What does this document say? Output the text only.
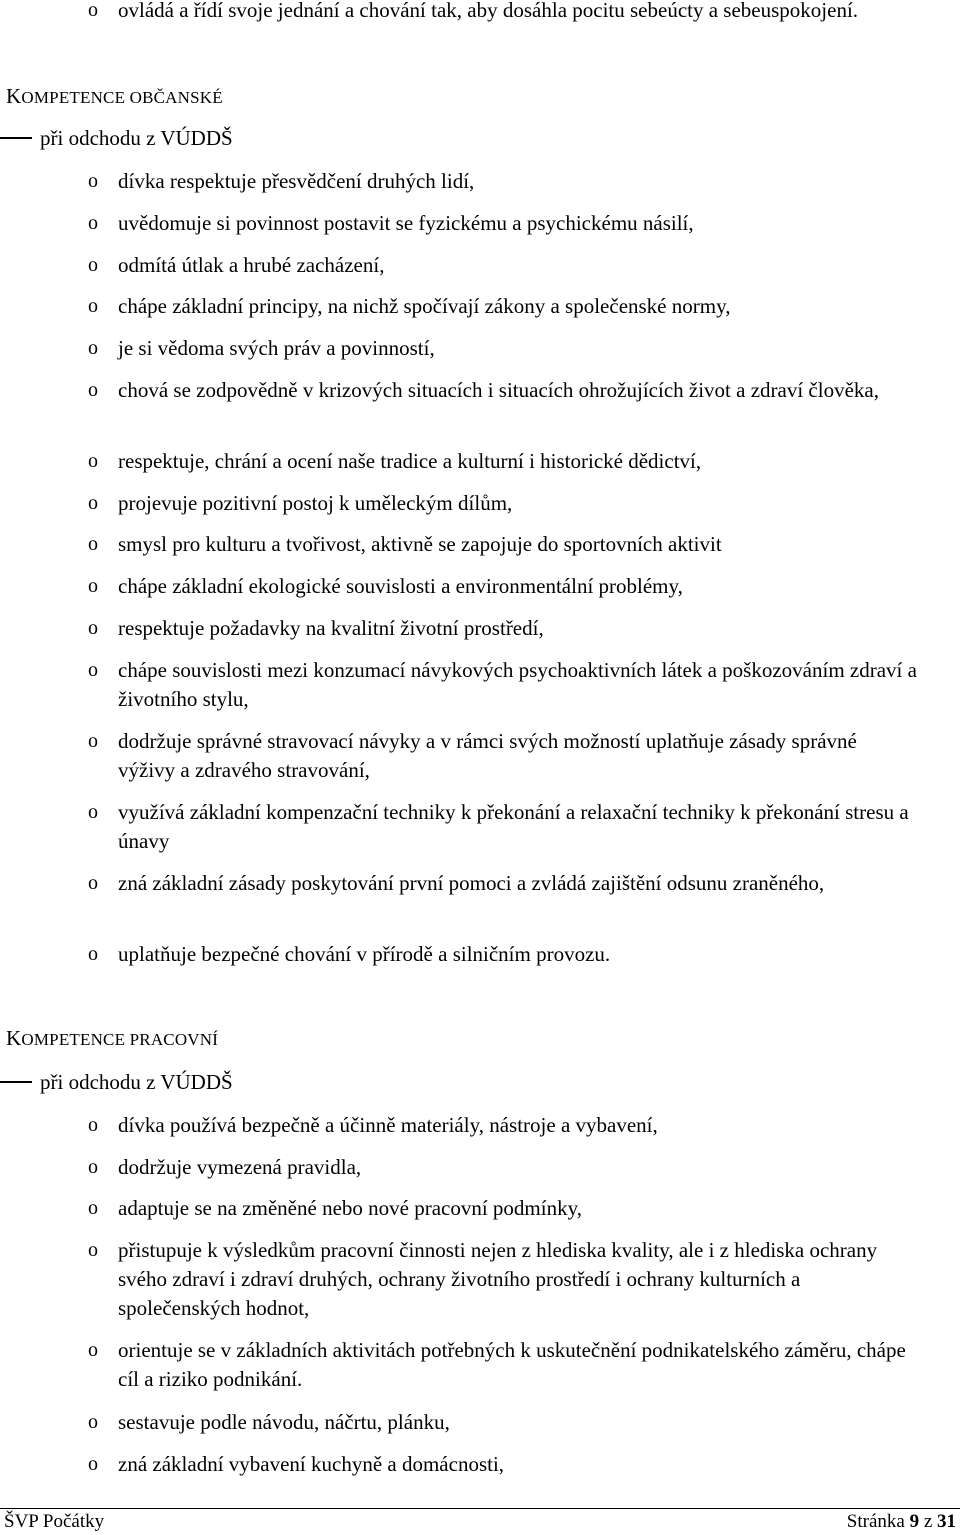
o ovládá a řídí svoje jednání a chování tak, aby dosáhla pocitu sebeúcty a sebeuspokojení.
KOMPETENCE OBČANSKÉ
při odchodu z VÚDDŠ
o dívka respektuje přesvědčení druhých lidí,
o uvědomuje si povinnost postavit se fyzickému a psychickému násilí,
o odmítá útlak a hrubé zacházení,
o chápe základní principy, na nichž spočívají zákony a společenské normy,
o je si vědoma svých práv a povinností,
o chová se zodpovědně v krizových situacích i situacích ohrožujících život a zdraví člověka,
o respektuje, chrání a ocení naše tradice a kulturní i historické dědictví,
o projevuje pozitivní postoj k uměleckým dílům,
o smysl pro kulturu a tvořivost, aktivně se zapojuje do sportovních aktivit
o chápe základní ekologické souvislosti a environmentální problémy,
o respektuje požadavky na kvalitní životní prostředí,
o chápe souvislosti mezi konzumací návykových psychoaktivních látek a poškozováním zdraví a životního stylu,
o dodržuje správné stravovací návyky a v rámci svých možností uplatňuje zásady správné výživy a zdravého stravování,
o využívá základní kompenzační techniky k překonání a relaxační techniky k překonání stresu a únavy
o zná základní zásady poskytování první pomoci a zvládá zajištění odsunu zraněného,
o uplatňuje bezpečné chování v přírodě a silničním provozu.
KOMPETENCE PRACOVNÍ
při odchodu z VÚDDŠ
o dívka používá bezpečně a účinně materiály, nástroje a vybavení,
o dodržuje vymezená pravidla,
o adaptuje se na změněné nebo nové pracovní podmínky,
o přistupuje k výsledkům pracovní činnosti nejen z hlediska kvality, ale i z hlediska ochrany svého zdraví i zdraví druhých, ochrany životního prostředí i ochrany kulturních a společenských hodnot,
o orientuje se v základních aktivitách potřebných k uskutečnění podnikatelského záměru, chápe cíl a riziko podnikání.
o sestavuje podle návodu, náčrtu, plánku,
o zná základní vybavení kuchyně a domácnosti,
ŠVP Počátky	Stránka 9 z 31
